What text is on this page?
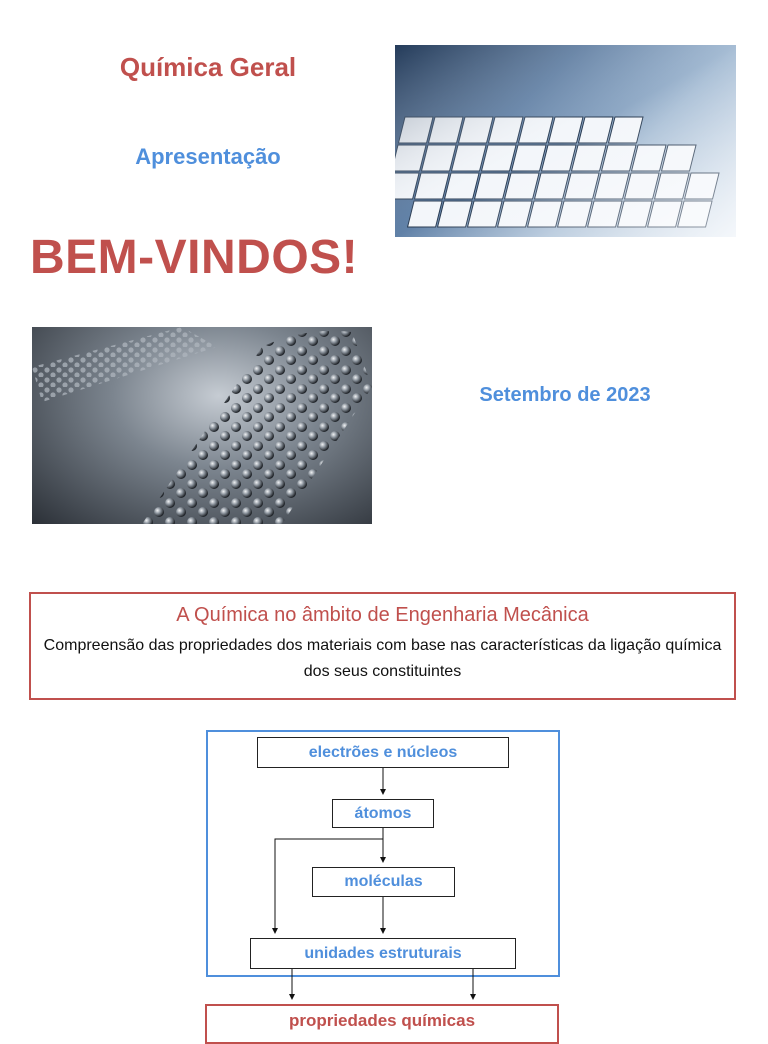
Química Geral
Apresentação
BEM-VINDOS!
Setembro de 2023
A Química no âmbito de Engenharia Mecânica
Compreensão das propriedades dos materiais com base nas características da ligação química dos seus constituintes
electrões e núcleos
átomos
moléculas
unidades estruturais
propriedades químicas
